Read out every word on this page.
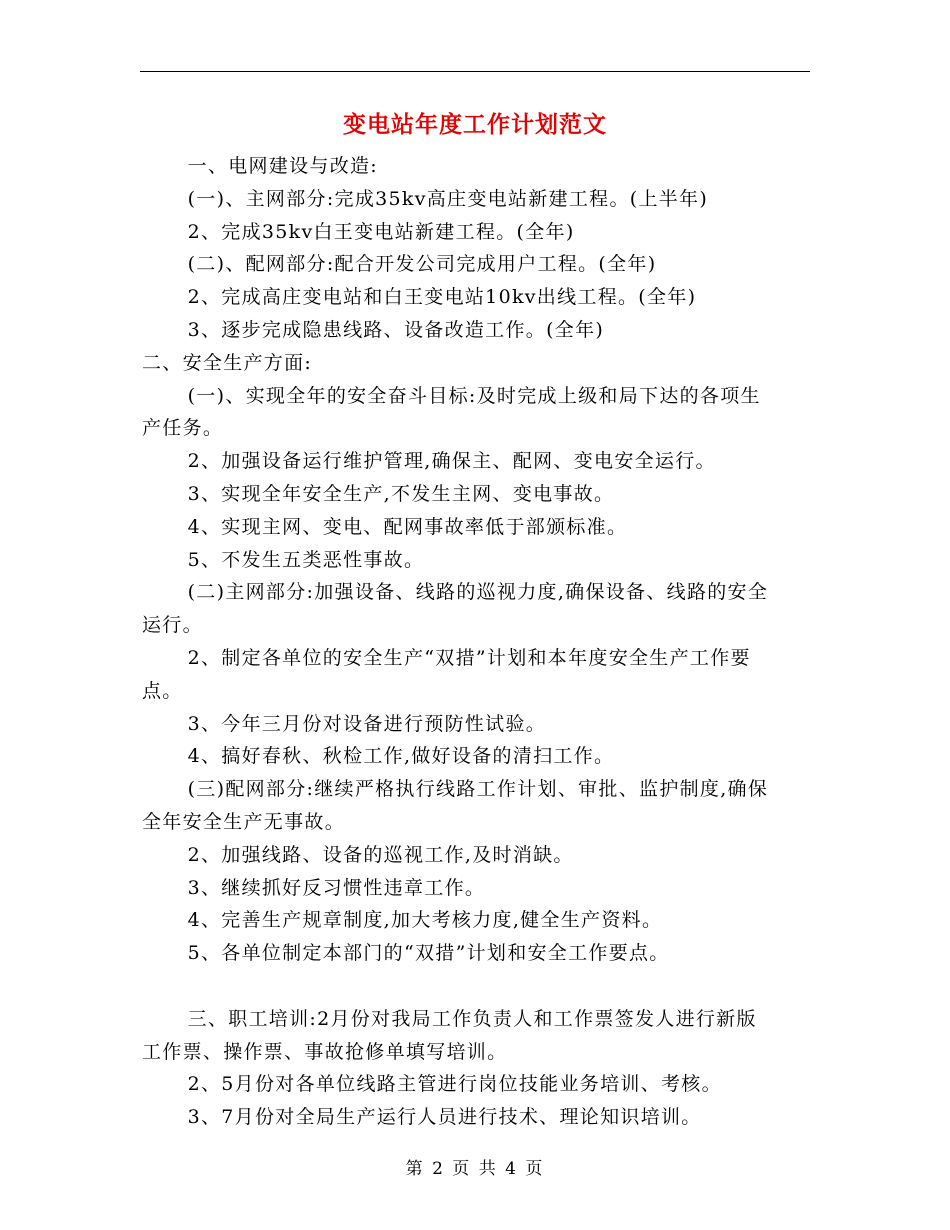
变电站年度工作计划范文

一、电网建设与改造:

(一)、主网部分:完成35kv高庄变电站新建工程。(上半年)

2、完成35kv白王变电站新建工程。(全年)

(二)、配网部分:配合开发公司完成用户工程。(全年)

2、完成高庄变电站和白王变电站10kv出线工程。(全年)

3、逐步完成隐患线路、设备改造工作。(全年)

二、安全生产方面:

(一)、实现全年的安全奋斗目标:及时完成上级和局下达的各项生

产任务。

2、加强设备运行维护管理,确保主、配网、变电安全运行。

3、实现全年安全生产,不发生主网、变电事故。

4、实现主网、变电、配网事故率低于部颁标准。

5、不发生五类恶性事故。

(二)主网部分:加强设备、线路的巡视力度,确保设备、线路的安全

运行。

2、制定各单位的安全生产“双措”计划和本年度安全生产工作要

点。

3、今年三月份对设备进行预防性试验。

4、搞好春秋、秋检工作,做好设备的清扫工作。

(三)配网部分:继续严格执行线路工作计划、审批、监护制度,确保

全年安全生产无事故。

2、加强线路、设备的巡视工作,及时消缺。

3、继续抓好反习惯性违章工作。

4、完善生产规章制度,加大考核力度,健全生产资料。

5、各单位制定本部门的“双措”计划和安全工作要点。

三、职工培训:2月份对我局工作负责人和工作票签发人进行新版

工作票、操作票、事故抢修单填写培训。

2、5月份对各单位线路主管进行岗位技能业务培训、考核。

3、7月份对全局生产运行人员进行技术、理论知识培训。

第 2 页 共 4 页
